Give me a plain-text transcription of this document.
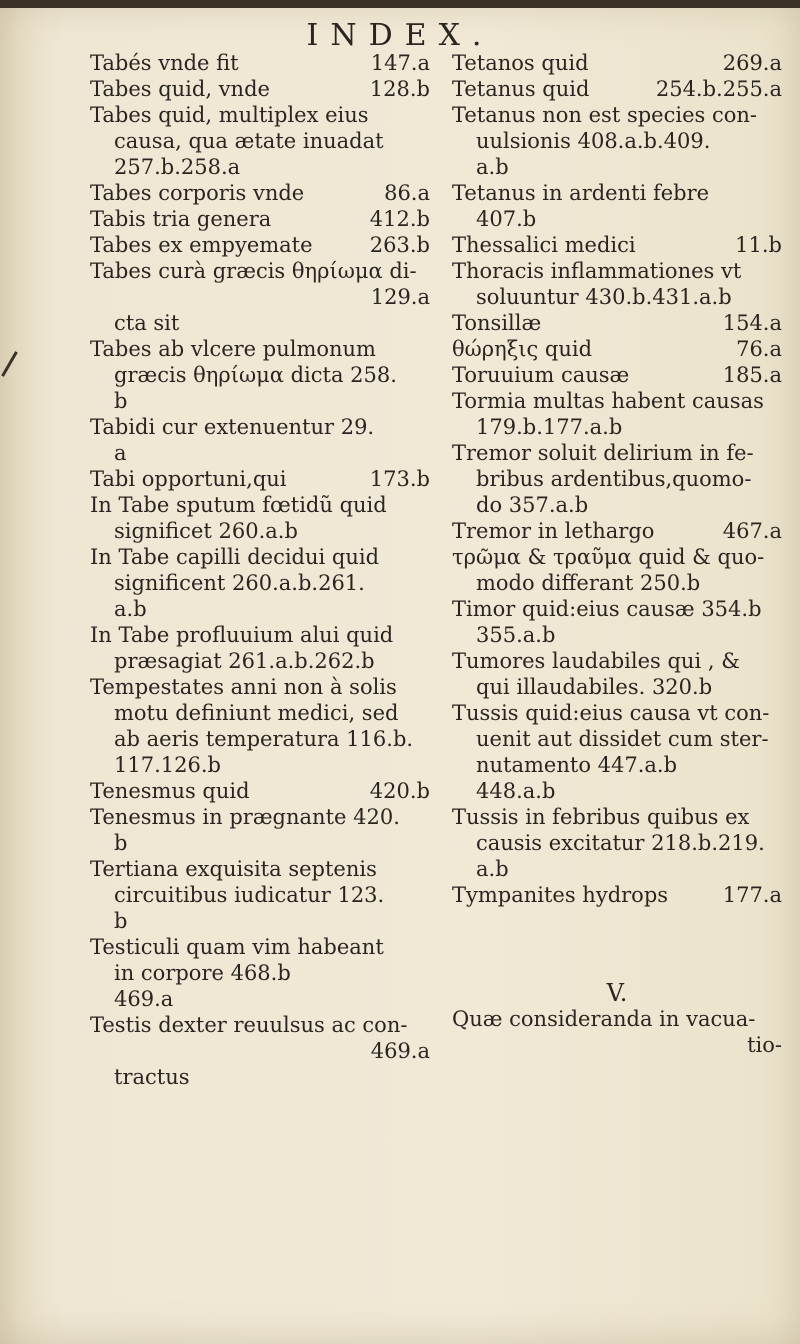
INDEX.
147.a
Tabés vnde fit
128.b
Tabes quid, vnde
Tabes quid, multiplex eius
causa, qua ætate inuadat
257.b.258.a
86.a
Tabes corporis vnde
412.b
Tabis tria genera
263.b
Tabes ex empyemate
Tabes curà græcis θηρίωμα di-
129.a
cta sit
Tabes ab vlcere pulmonum
græcis θηρίωμα dicta 258.
b
Tabidi cur extenuentur 29.
a
173.b
Tabi opportuni,qui
In Tabe sputum fœtidũ quid
significet 260.a.b
In Tabe capilli decidui quid
significent 260.a.b.261.
a.b
In Tabe profluuium alui quid
præsagiat 261.a.b.262.b
Tempestates anni non à solis
motu definiunt medici, sed
ab aeris temperatura 116.b.
117.126.b
420.b
Tenesmus quid
Tenesmus in prægnante 420.
b
Tertiana exquisita septenis
circuitibus iudicatur 123.
b
Testiculi quam vim habeant
in corpore 468.b
469.a
Testis dexter reuulsus ac con-
469.a
tractus
269.a
Tetanos quid
254.b.255.a
Tetanus quid
Tetanus non est species con-
uulsionis 408.a.b.409.
a.b
Tetanus in ardenti febre
407.b
11.b
Thessalici medici
Thoracis inflammationes vt
soluuntur 430.b.431.a.b
154.a
Tonsillæ
76.a
θώρηξις quid
185.a
Toruuium causæ
Tormia multas habent causas
179.b.177.a.b
Tremor soluit delirium in fe-
bribus ardentibus,quomo-
do 357.a.b
467.a
Tremor in lethargo
τρῶμα & τραῦμα quid & quo-
modo differant 250.b
Timor quid:eius causæ 354.b
355.a.b
Tumores laudabiles qui , &
qui illaudabiles. 320.b
Tussis quid:eius causa vt con-
uenit aut dissidet cum ster-
nutamento 447.a.b
448.a.b
Tussis in febribus quibus ex
causis excitatur 218.b.219.
a.b
177.a
Tympanites hydrops
V.
Quæ consideranda in vacua-
tio-
